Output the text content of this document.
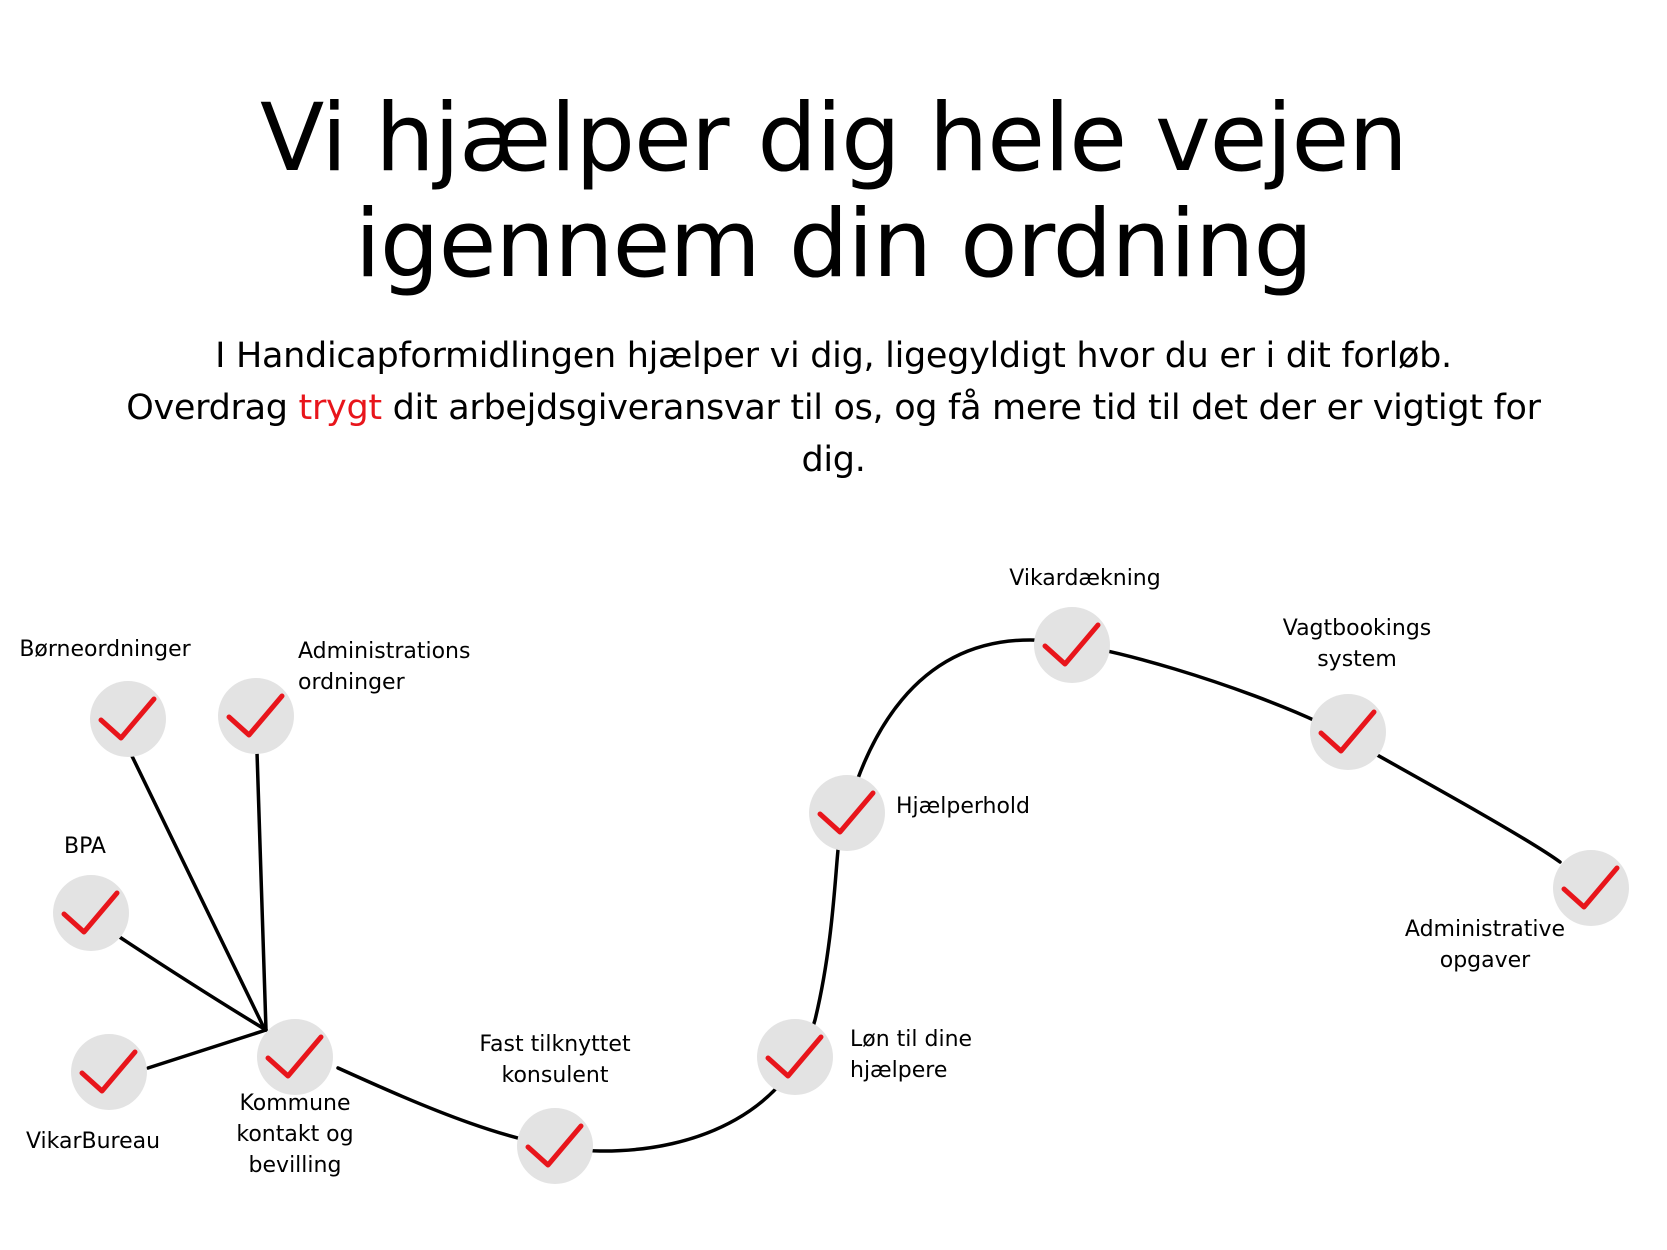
Vi hjælper dig hele vejen
igennem din ordning
I Handicapformidlingen hjælper vi dig, ligegyldigt hvor du er i dit forløb.
Overdrag trygt dit arbejdsgiveransvar til os, og få mere tid til det der er vigtigt for
dig.
Børneordninger	Administrations ordninger
BPA
VikarBureau
Kommune kontakt og bevilling
Fast tilknyttet konsulent
Løn til dine hjælpere
Hjælperhold
Vikardækning
Vagtbookings system
Administrative opgaver
